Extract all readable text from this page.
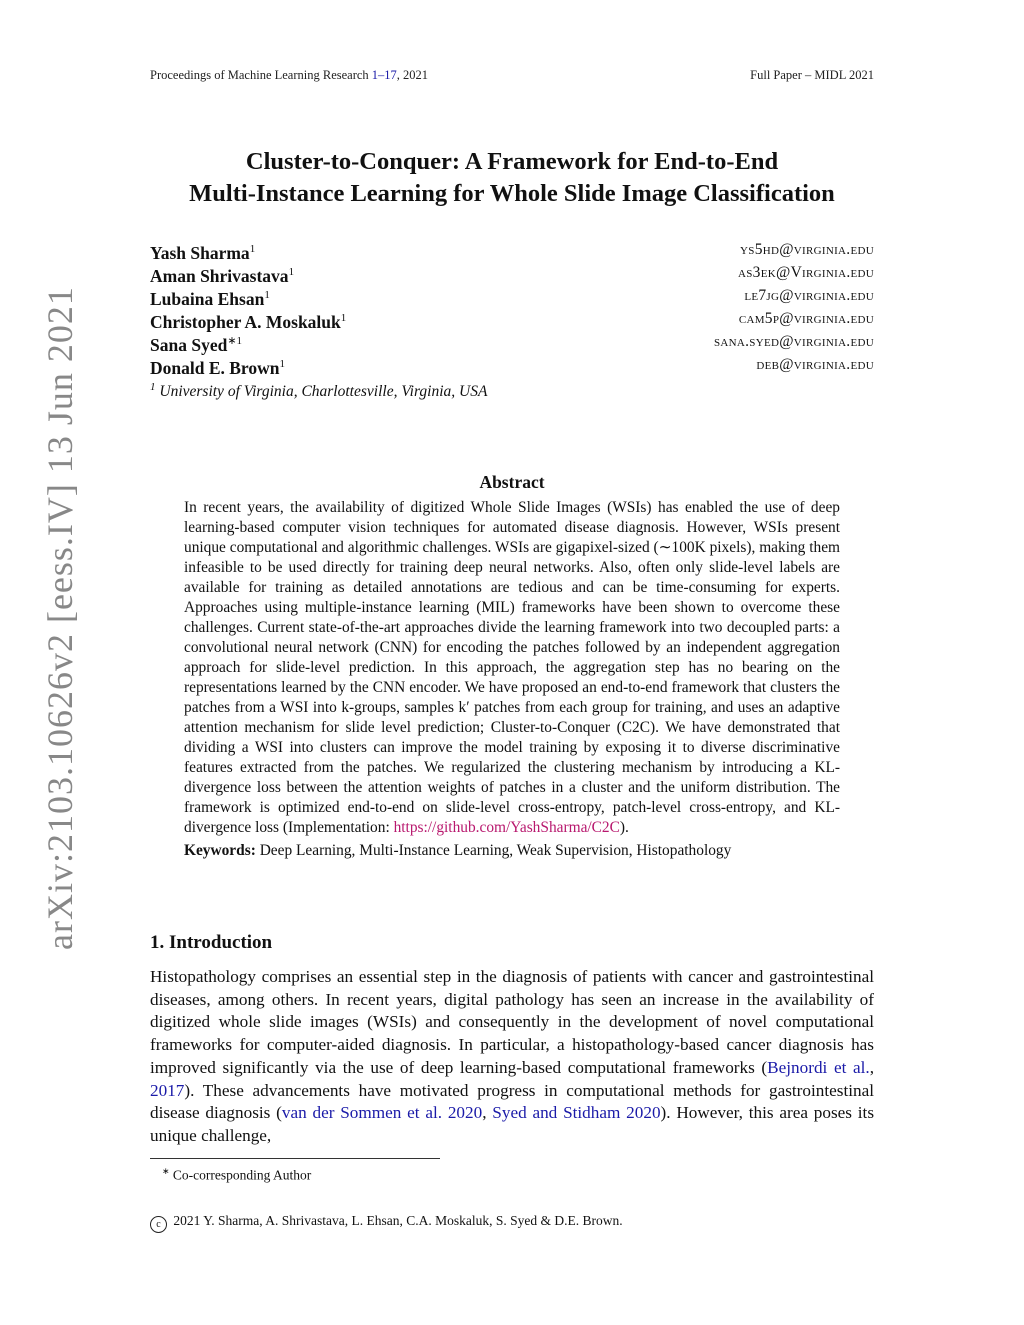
arXiv:2103.10626v2 [eess.IV] 13 Jun 2021
Proceedings of Machine Learning Research 1–17, 2021	Full Paper – MIDL 2021
Cluster-to-Conquer: A Framework for End-to-End
Multi-Instance Learning for Whole Slide Image Classification
Yash Sharma$^1$	ys5hd@virginia.edu
Aman Shrivastava$^1$	as3ek@Virginia.edu
Lubaina Ehsan$^1$	le7jg@virginia.edu
Christopher A. Moskaluk$^1$	cam5p@virginia.edu
Sana Syed$^{∗1}$	sana.syed@virginia.edu
Donald E. Brown$^1$	deb@virginia.edu
$^1$ University of Virginia, Charlottesville, Virginia, USA
Abstract

In recent years, the availability of digitized Whole Slide Images (WSIs) has enabled the use of deep learning-based computer vision techniques for automated disease diagnosis. However, WSIs present unique computational and algorithmic challenges. WSIs are gigapixel-sized (∼100K pixels), making them infeasible to be used directly for training deep neural networks. Also, often only slide-level labels are available for training as detailed annotations are tedious and can be time-consuming for experts. Approaches using multiple-instance learning (MIL) frameworks have been shown to overcome these challenges. Current state-of-the-art approaches divide the learning framework into two decoupled parts: a convolutional neural network (CNN) for encoding the patches followed by an independent aggregation approach for slide-level prediction. In this approach, the aggregation step has no bearing on the representations learned by the CNN encoder. We have proposed an end-to-end framework that clusters the patches from a WSI into k-groups, samples k′ patches from each group for training, and uses an adaptive attention mechanism for slide level prediction; Cluster-to-Conquer (C2C). We have demonstrated that dividing a WSI into clusters can improve the model training by exposing it to diverse discriminative features extracted from the patches. We regularized the clustering mechanism by introducing a KL-divergence loss between the attention weights of patches in a cluster and the uniform distribution. The framework is optimized end-to-end on slide-level cross-entropy, patch-level cross-entropy, and KL-divergence loss (Implementation: https://github.com/YashSharma/C2C).

Keywords: Deep Learning, Multi-Instance Learning, Weak Supervision, Histopathology
1. Introduction

Histopathology comprises an essential step in the diagnosis of patients with cancer and gastrointestinal diseases, among others. In recent years, digital pathology has seen an increase in the availability of digitized whole slide images (WSIs) and consequently in the development of novel computational frameworks for computer-aided diagnosis. In particular, a histopathology-based cancer diagnosis has improved significantly via the use of deep learning-based computational frameworks (Bejnordi et al., 2017). These advancements have motivated progress in computational methods for gastrointestinal disease diagnosis (van der Sommen et al. 2020, Syed and Stidham 2020). However, this area poses its unique challenge,

∗ Co-corresponding Author
c 2021 Y. Sharma, A. Shrivastava, L. Ehsan, C.A. Moskaluk, S. Syed & D.E. Brown.
